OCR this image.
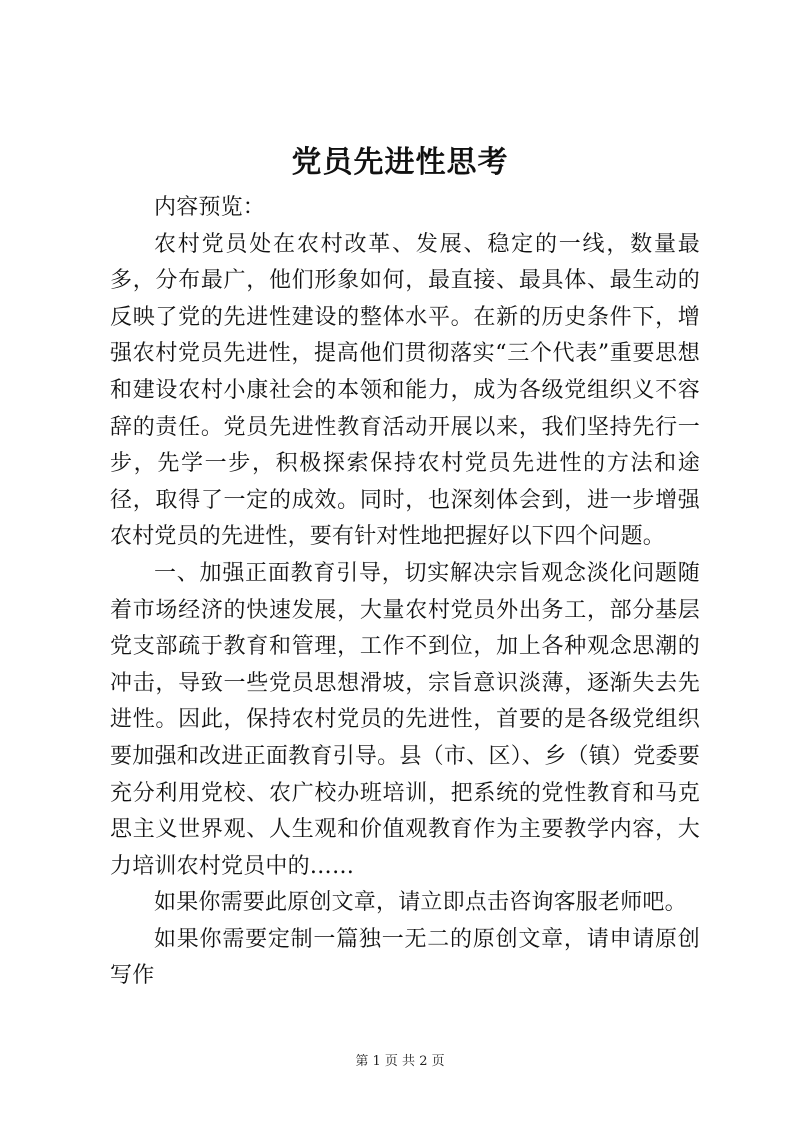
党员先进性思考

内容预览：

农村党员处在农村改革、发展、稳定的一线，数量最多，分布最广，他们形象如何，最直接、最具体、最生动的反映了党的先进性建设的整体水平。在新的历史条件下，增强农村党员先进性，提高他们贯彻落实“三个代表”重要思想和建设农村小康社会的本领和能力，成为各级党组织义不容辞的责任。党员先进性教育活动开展以来，我们坚持先行一步，先学一步，积极探索保持农村党员先进性的方法和途径，取得了一定的成效。同时，也深刻体会到，进一步增强农村党员的先进性，要有针对性地把握好以下四个问题。

一、加强正面教育引导，切实解决宗旨观念淡化问题随着市场经济的快速发展，大量农村党员外出务工，部分基层党支部疏于教育和管理，工作不到位，加上各种观念思潮的冲击，导致一些党员思想滑坡，宗旨意识淡薄，逐渐失去先进性。因此，保持农村党员的先进性，首要的是各级党组织要加强和改进正面教育引导。县（市、区）、乡（镇）党委要充分利用党校、农广校办班培训，把系统的党性教育和马克思主义世界观、人生观和价值观教育作为主要教学内容，大力培训农村党员中的……

如果你需要此原创文章，请立即点击咨询客服老师吧。

如果你需要定制一篇独一无二的原创文章，请申请原创写作

第 1 页 共 2 页
